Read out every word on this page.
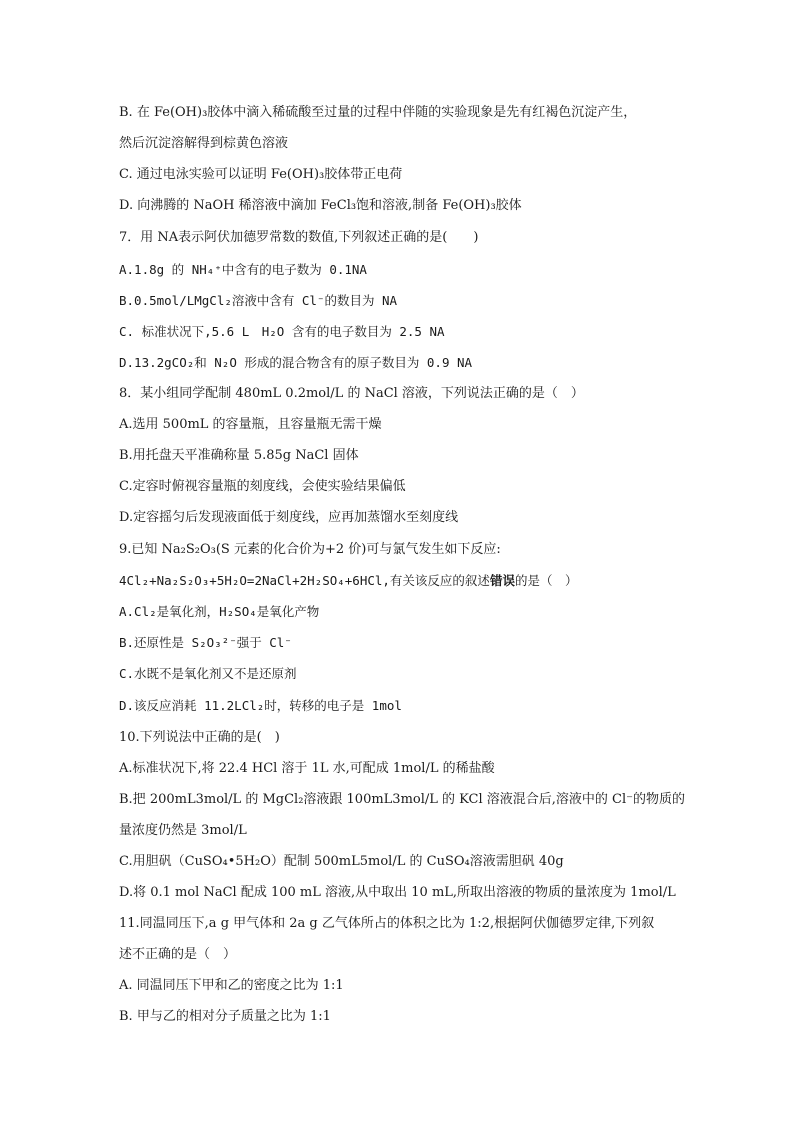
B. 在 Fe(OH)₃胶体中滴入稀硫酸至过量的过程中伴随的实验现象是先有红褐色沉淀产生，
然后沉淀溶解得到棕黄色溶液
C. 通过电泳实验可以证明 Fe(OH)₃胶体带正电荷
D. 向沸腾的 NaOH 稀溶液中滴加 FeCl₃饱和溶液,制备 Fe(OH)₃胶体
7．用 NA表示阿伏加德罗常数的数值,下列叙述正确的是(　　)
A.1.8g 的 NH₄⁺中含有的电子数为 0.1NA
B.0.5mol/LMgCl₂溶液中含有 Cl⁻的数目为 NA
C. 标准状况下,5.6 L　H₂O 含有的电子数目为 2.5 NA
D.13.2gCO₂和 N₂O 形成的混合物含有的原子数目为 0.9 NA
8．某小组同学配制 480mL 0.2mol/L 的 NaCl 溶液，下列说法正确的是（　）
A.选用 500mL 的容量瓶，且容量瓶无需干燥
B.用托盘天平准确称量 5.85g NaCl 固体
C.定容时俯视容量瓶的刻度线，会使实验结果偏低
D.定容摇匀后发现液面低于刻度线，应再加蒸馏水至刻度线
9.已知 Na₂S₂O₃(S 元素的化合价为+2 价)可与氯气发生如下反应:
4Cl₂+Na₂S₂O₃+5H₂O=2NaCl+2H₂SO₄+6HCl,有关该反应的叙述错误的是（　）
A.Cl₂是氧化剂，H₂SO₄是氧化产物
B.还原性是 S₂O₃²⁻强于 Cl⁻
C.水既不是氧化剂又不是还原剂
D.该反应消耗 11.2LCl₂时，转移的电子是 1mol
10.下列说法中正确的是(　)
A.标准状况下,将 22.4 HCl 溶于 1L 水,可配成 1mol/L 的稀盐酸
B.把 200mL3mol/L 的 MgCl₂溶液跟 100mL3mol/L 的 KCl 溶液混合后,溶液中的 Cl⁻的物质的
量浓度仍然是 3mol/L
C.用胆矾（CuSO₄•5H₂O）配制 500mL5mol/L 的 CuSO₄溶液需胆矾 40g
D.将 0.1 mol NaCl 配成 100 mL 溶液,从中取出 10 mL,所取出溶液的物质的量浓度为 1mol/L
11.同温同压下,a g 甲气体和 2a g 乙气体所占的体积之比为 1:2,根据阿伏伽德罗定律,下列叙
述不正确的是（　）
A. 同温同压下甲和乙的密度之比为 1:1
B. 甲与乙的相对分子质量之比为 1:1
